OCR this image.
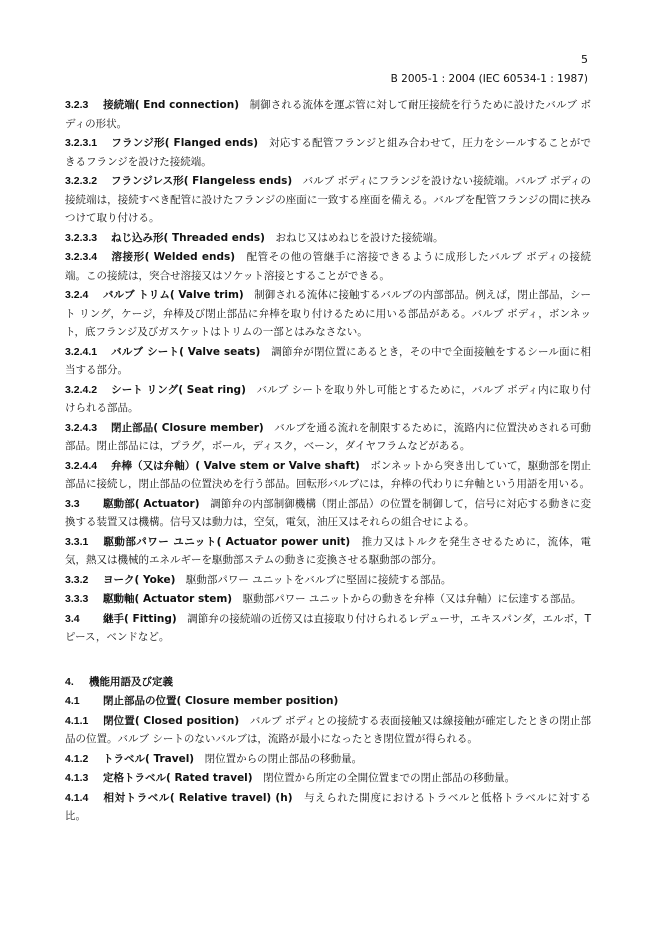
5
B 2005-1 : 2004 (IEC 60534-1 : 1987)

3.2.3 接続端( End connection)　制御される流体を運ぶ管に対して耐圧接続を行うために設けたバルブ ボディの形状。

3.2.3.1 フランジ形( Flanged ends)　対応する配管フランジと組み合わせて，圧力をシールすることができるフランジを設けた接続端。

3.2.3.2 フランジレス形( Flangeless ends)　バルブ ボディにフランジを設けない接続端。バルブ ボディの接続端は，接続すべき配管に設けたフランジの座面に一致する座面を備える。バルブを配管フランジの間に挟みつけて取り付ける。

3.2.3.3 ねじ込み形( Threaded ends)　おねじ又はめねじを設けた接続端。

3.2.3.4 溶接形( Welded ends)　配管その他の管継手に溶接できるように成形したバルブ ボディの接続端。この接続は，突合せ溶接又はソケット溶接とすることができる。

3.2.4 バルブ トリム( Valve trim)　制御される流体に接触するバルブの内部部品。例えば，閉止部品，シート リング，ケージ，弁棒及び閉止部品に弁棒を取り付けるために用いる部品がある。バルブ ボディ，ボンネット，底フランジ及びガスケットはトリムの一部とはみなさない。

3.2.4.1 バルブ シート( Valve seats)　調節弁が閉位置にあるとき，その中で全面接触をするシール面に相当する部分。

3.2.4.2 シート リング( Seat ring)　バルブ シートを取り外し可能とするために，バルブ ボディ内に取り付けられる部品。

3.2.4.3 閉止部品( Closure member)　バルブを通る流れを制限するために，流路内に位置決めされる可動部品。閉止部品には，プラグ，ボール，ディスク，ベーン，ダイヤフラムなどがある。

3.2.4.4 弁棒（又は弁軸）( Valve stem or Valve shaft)　ボンネットから突き出していて，駆動部を閉止部品に接続し，閉止部品の位置決めを行う部品。回転形バルブには，弁棒の代わりに弁軸という用語を用いる。

3.3 駆動部( Actuator)　調節弁の内部制御機構（閉止部品）の位置を制御して，信号に対応する動きに変換する装置又は機構。信号又は動力は，空気，電気，油圧又はそれらの組合せによる。

3.3.1 駆動部パワー ユニット( Actuator power unit)　推力又はトルクを発生させるために，流体，電気，熱又は機械的エネルギーを駆動部ステムの動きに変換させる駆動部の部分。

3.3.2 ヨーク( Yoke)　駆動部パワー ユニットをバルブに堅固に接続する部品。

3.3.3 駆動軸( Actuator stem)　駆動部パワー ユニットからの動きを弁棒（又は弁軸）に伝達する部品。

3.4 継手( Fitting)　調節弁の接続端の近傍又は直接取り付けられるレデューサ，エキスパンダ，エルボ，T ピース，ベンドなど。

4. 機能用語及び定義

4.1 閉止部品の位置( Closure member position)

4.1.1 閉位置( Closed position)　バルブ ボディとの接続する表面接触又は線接触が確定したときの閉止部品の位置。バルブ シートのないバルブは，流路が最小になったとき閉位置が得られる。

4.1.2 トラベル( Travel)　閉位置からの閉止部品の移動量。

4.1.3 定格トラベル( Rated travel)　閉位置から所定の全開位置までの閉止部品の移動量。

4.1.4 相対トラベル( Relative travel) (h)　与えられた開度におけるトラベルと低格トラベルに対する比。
